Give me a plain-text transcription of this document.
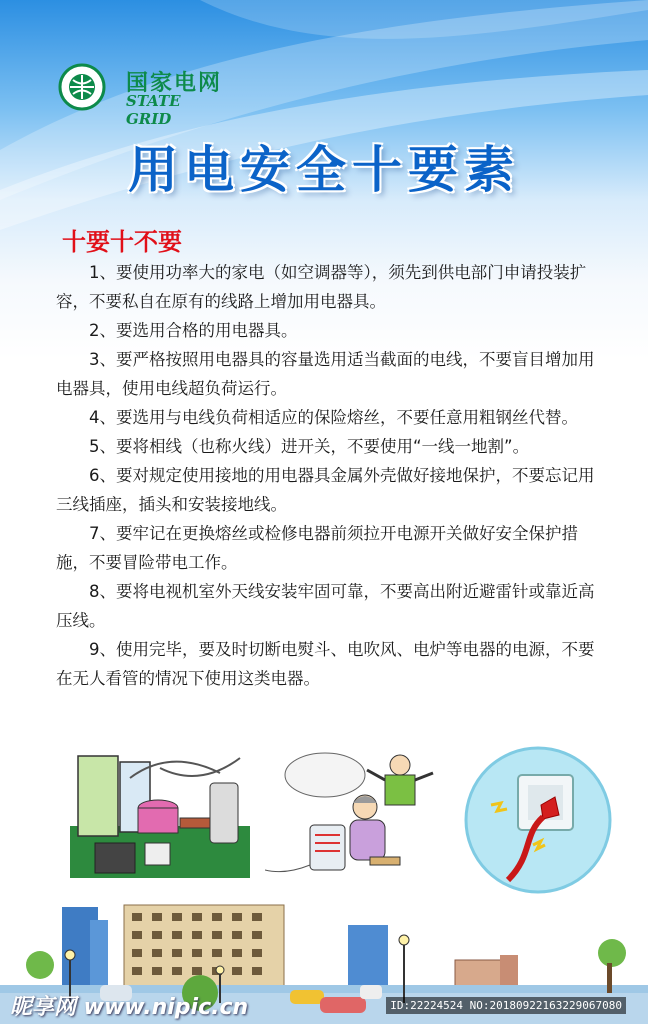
国家电网
STATE GRID
用电安全十要素
十要十不要

1、要使用功率大的家电（如空调器等），须先到供电部门申请投装扩容，不要私自在原有的线路上增加用电器具。

2、要选用合格的用电器具。

3、要严格按照用电器具的容量选用适当截面的电线，不要盲目增加用电器具，使用电线超负荷运行。

4、要选用与电线负荷相适应的保险熔丝，不要任意用粗钢丝代替。

5、要将相线（也称火线）进开关，不要使用“一线一地割”。

6、要对规定使用接地的用电器具金属外壳做好接地保护，不要忘记用三线插座，插头和安装接地线。

7、要牢记在更换熔丝或检修电器前须拉开电源开关做好安全保护措施，不要冒险带电工作。

8、要将电视机室外天线安装牢固可靠，不要高出附近避雷针或靠近高压线。

9、使用完毕，要及时切断电熨斗、电吹风、电炉等电器的电源，不要在无人看管的情况下使用这类电器。

昵享网 www.nipic.cn	ID:22224524 NO:20180922163229067080
